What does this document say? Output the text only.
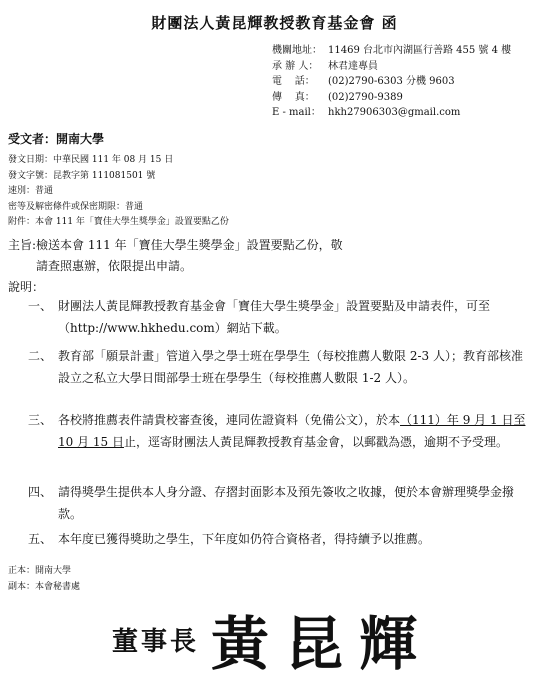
財團法人黃昆輝教授教育基金會 函
機關地址： 11469 台北市內湖區行善路 455 號 4 樓
承 辦 人： 林君達專員
電    話：	(02)2790-6303 分機 9603
傳    真：	(02)2790-9389
E - mail： hkh27906303@gmail.com
受文者：開南大學
發文日期：中華民國 111 年 08 月 15 日
發文字號：昆教字第 111081501 號
速別：普通
密等及解密條件或保密期限：普通
附件：本會 111 年「寶佳大學生獎學金」設置要點乙份
主旨:檢送本會 111 年「寶佳大學生獎學金」設置要點乙份，敬
請查照惠辦，依限提出申請。
說明：
一、 財團法人黃昆輝教授教育基金會「寶佳大學生獎學金」設置要點及申請表件，可至（http://www.hkhedu.com）網站下載。
二、 教育部「願景計畫」管道入學之學士班在學學生（每校推薦人數限 2-3 人）；教育部核准設立之私立大學日間部學士班在學學生（每校推薦人數限 1-2 人）。
三、 各校將推薦表件請貴校審查後，連同佐證資料（免備公文），於本（111）年 9 月 1 日至 10 月 15 日止，逕寄財團法人黃昆輝教授教育基金會，以郵戳為憑，逾期不予受理。
四、 請得獎學生提供本人身分證、存摺封面影本及預先簽收之收據，便於本會辦理獎學金撥款。
五、 本年度已獲得獎助之學生，下年度如仍符合資格者，得持續予以推薦。
正本：開南大學
副本：本會秘書處
董事長 黃昆輝
